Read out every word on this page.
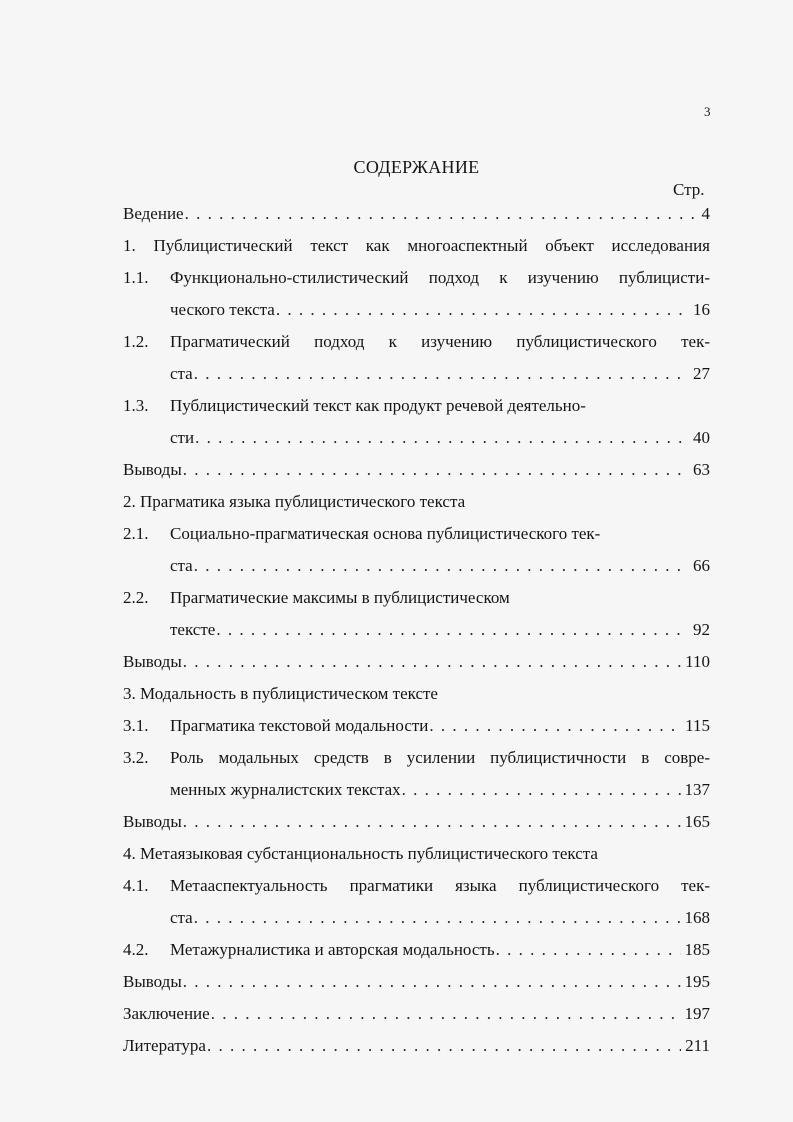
3
СОДЕРЖАНИЕ
Стр.
Ведение . . .	4
1. Публицистический текст как многоаспектный объект исследования
1.1.	Функционально-стилистический подход к изучению публицисти-
ческого текста . . .	16
1.2.	Прагматический подход к изучению публицистического тек-
ста . . .	27
1.3.	Публицистический текст как продукт речевой деятельно-
сти . . .	40
Выводы . . .	63
2. Прагматика языка публицистического текста
2.1.	Социально-прагматическая основа публицистического тек-
ста . . .	66
2.2.	Прагматические максимы в публицистическом
тексте . . .	92
Выводы . . .	110
3. Модальность в публицистическом тексте
3.1. Прагматика текстовой модальности . . .	115
3.2.	Роль модальных средств в усилении публицистичности в совре-
менных журналистских текстах . . .	137
Выводы . . .	165
4. Метаязыковая субстанциональность публицистического текста
4.1.	Метааспектуальность прагматики языка публицистического тек-
ста . . .	168
4.2. Метажурналистика и авторская модальность . . .	185
Выводы . . .	195
Заключение . . .	197
Литература . . .	211
